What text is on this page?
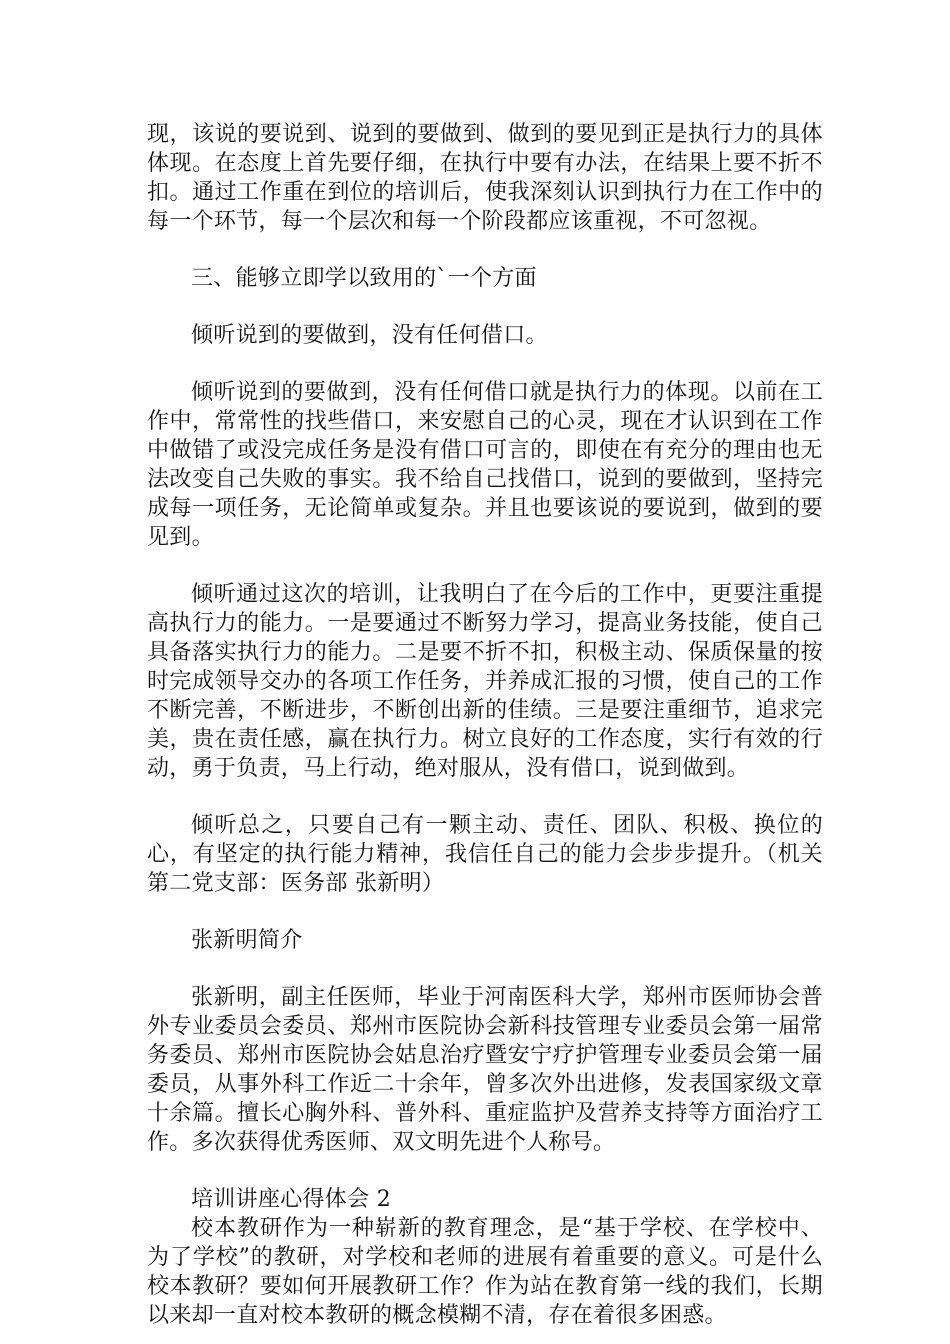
现，该说的要说到、说到的要做到、做到的要见到正是执行力的具体体现。在态度上首先要仔细，在执行中要有办法，在结果上要不折不扣。通过工作重在到位的培训后，使我深刻认识到执行力在工作中的每一个环节，每一个层次和每一个阶段都应该重视，不可忽视。

三、能够立即学以致用的`一个方面

倾听说到的要做到，没有任何借口。

倾听说到的要做到，没有任何借口就是执行力的体现。以前在工作中，常常性的找些借口，来安慰自己的心灵，现在才认识到在工作中做错了或没完成任务是没有借口可言的，即使在有充分的理由也无法改变自己失败的事实。我不给自己找借口，说到的要做到，坚持完成每一项任务，无论简单或复杂。并且也要该说的要说到，做到的要见到。

倾听通过这次的培训，让我明白了在今后的工作中，更要注重提高执行力的能力。一是要通过不断努力学习，提高业务技能，使自己具备落实执行力的能力。二是要不折不扣，积极主动、保质保量的按时完成领导交办的各项工作任务，并养成汇报的习惯，使自己的工作不断完善，不断进步，不断创出新的佳绩。三是要注重细节，追求完美，贵在责任感，赢在执行力。树立良好的工作态度，实行有效的行动，勇于负责，马上行动，绝对服从，没有借口，说到做到。

倾听总之，只要自己有一颗主动、责任、团队、积极、换位的心，有坚定的执行能力精神，我信任自己的能力会步步提升。（机关第二党支部：医务部 张新明）

张新明简介

张新明，副主任医师，毕业于河南医科大学，郑州市医师协会普外专业委员会委员、郑州市医院协会新科技管理专业委员会第一届常务委员、郑州市医院协会姑息治疗暨安宁疗护管理专业委员会第一届委员，从事外科工作近二十余年，曾多次外出进修，发表国家级文章十余篇。擅长心胸外科、普外科、重症监护及营养支持等方面治疗工作。多次获得优秀医师、双文明先进个人称号。

培训讲座心得体会 2

校本教研作为一种崭新的教育理念，是“基于学校、在学校中、为了学校”的教研，对学校和老师的进展有着重要的意义。可是什么校本教研？要如何开展教研工作？作为站在教育第一线的我们，长期以来却一直对校本教研的概念模糊不清，存在着很多困惑。
